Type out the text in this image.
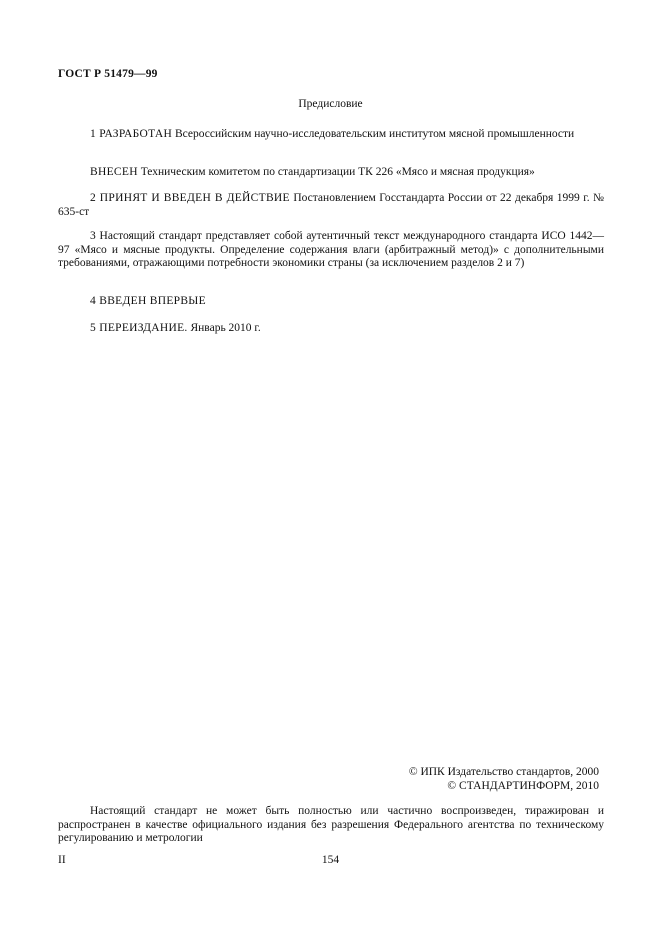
ГОСТ Р 51479—99
Предисловие

1 РАЗРАБОТАН Всероссийским научно-исследовательским институтом мясной промышленности

ВНЕСЕН Техническим комитетом по стандартизации ТК 226 «Мясо и мясная продукция»

2 ПРИНЯТ И ВВЕДЕН В ДЕЙСТВИЕ Постановлением Госстандарта России от 22 декабря 1999 г. № 635-ст

3 Настоящий стандарт представляет собой аутентичный текст международного стандарта ИСО 1442—97 «Мясо и мясные продукты. Определение содержания влаги (арбитражный метод)» с дополнительными требованиями, отражающими потребности экономики страны (за исключением разделов 2 и 7)

4 ВВЕДЕН ВПЕРВЫЕ

5 ПЕРЕИЗДАНИЕ. Январь 2010 г.

© ИПК Издательство стандартов, 2000
© СТАНДАРТИНФОРМ, 2010

Настоящий стандарт не может быть полностью или частично воспроизведен, тиражирован и распространен в качестве официального издания без разрешения Федерального агентства по техническому регулированию и метрологии

II	154
